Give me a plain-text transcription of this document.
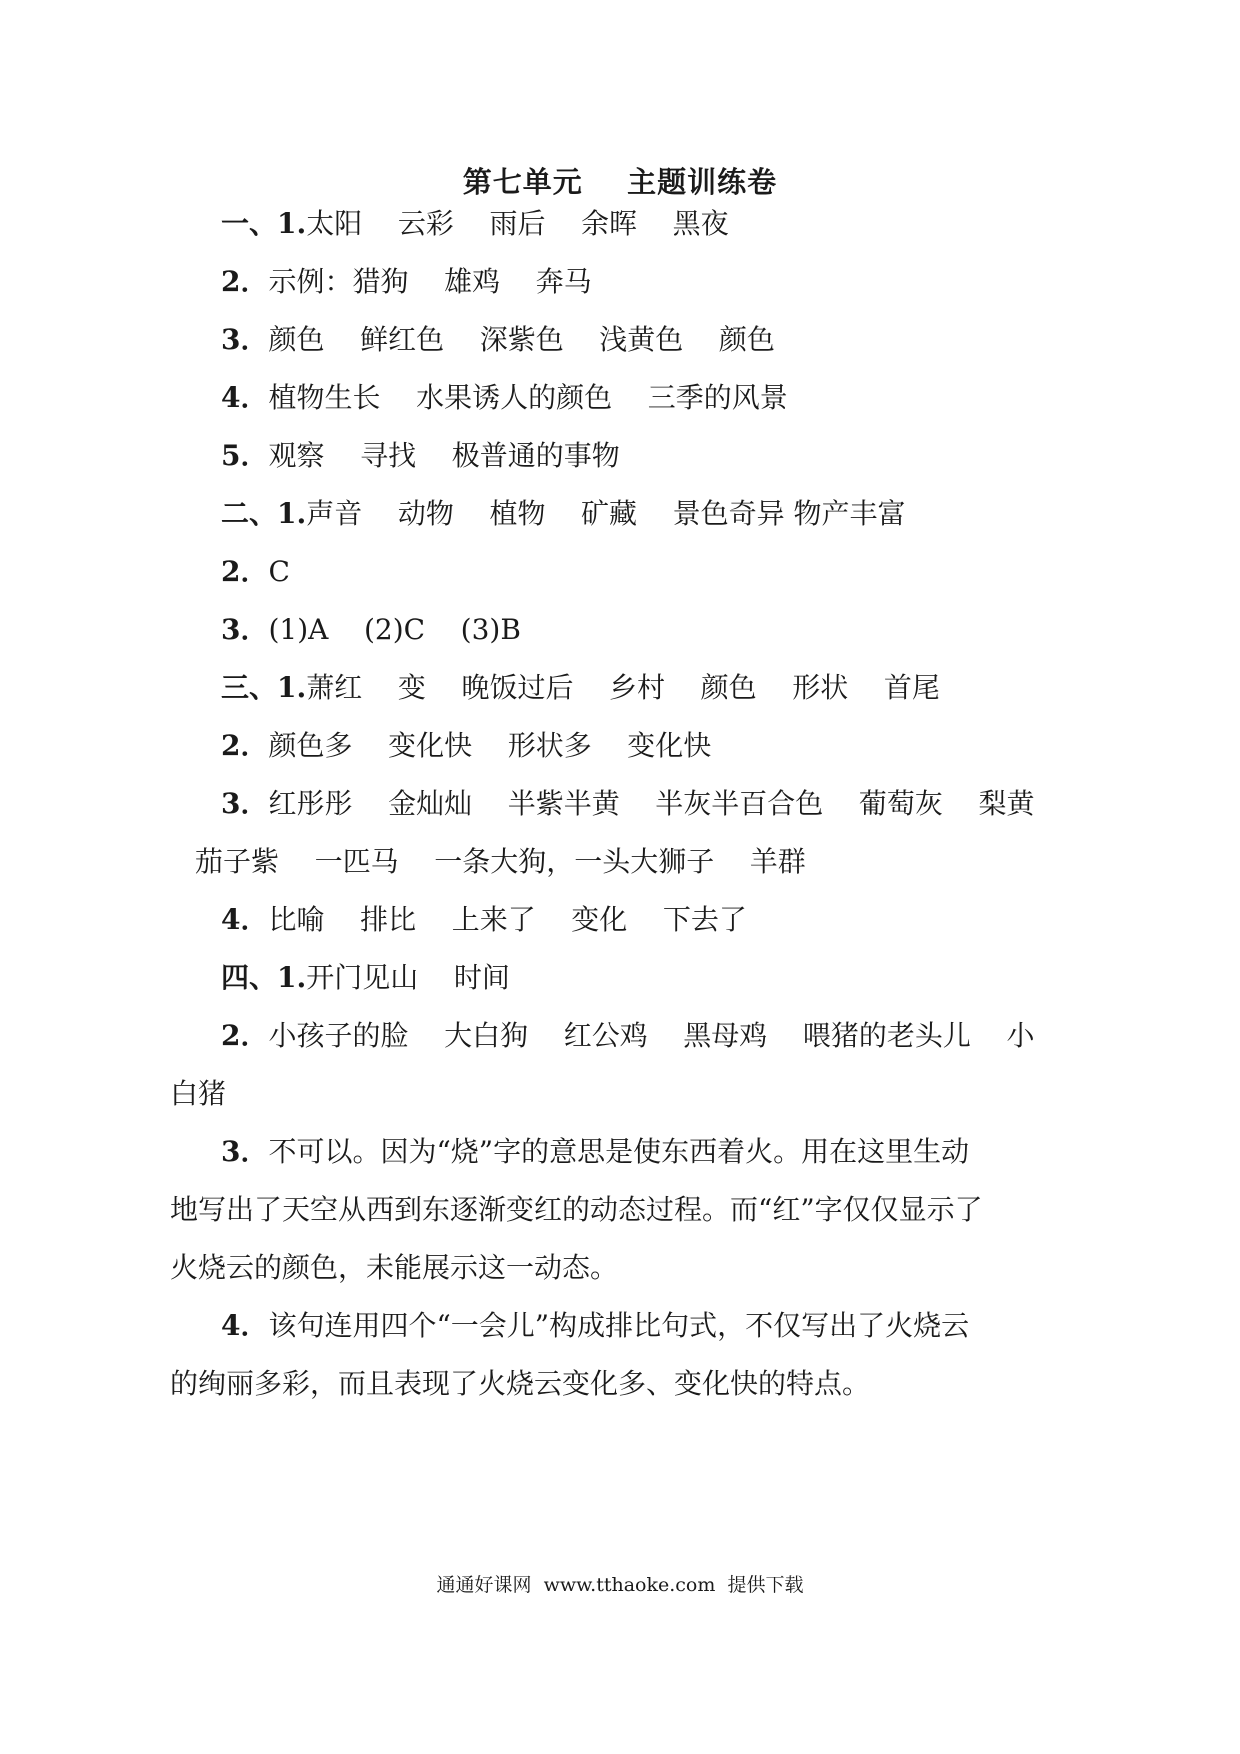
第七单元    主题训练卷
一、1.太阳    云彩    雨后    余晖    黑夜
2．示例：猎狗    雄鸡    奔马
3．颜色    鲜红色    深紫色    浅黄色    颜色
4．植物生长    水果诱人的颜色    三季的风景
5．观察    寻找    极普通的事物
二、1.声音    动物    植物    矿藏    景色奇异 物产丰富
2．C
3．(1)A    (2)C    (3)B
三、1.萧红    变    晚饭过后    乡村    颜色    形状    首尾
2．颜色多    变化快    形状多    变化快
3．红彤彤    金灿灿    半紫半黄    半灰半百合色    葡萄灰    梨黄
茄子紫    一匹马    一条大狗，一头大狮子    羊群
4．比喻    排比    上来了    变化    下去了
四、1.开门见山    时间
2．小孩子的脸    大白狗    红公鸡    黑母鸡    喂猪的老头儿    小
白猪
3．不可以。因为“烧”字的意思是使东西着火。用在这里生动
地写出了天空从西到东逐渐变红的动态过程。而“红”字仅仅显示了
火烧云的颜色，未能展示这一动态。
4．该句连用四个“一会儿”构成排比句式，不仅写出了火烧云
的绚丽多彩，而且表现了火烧云变化多、变化快的特点。
通通好课网  www.tthaoke.com  提供下载
